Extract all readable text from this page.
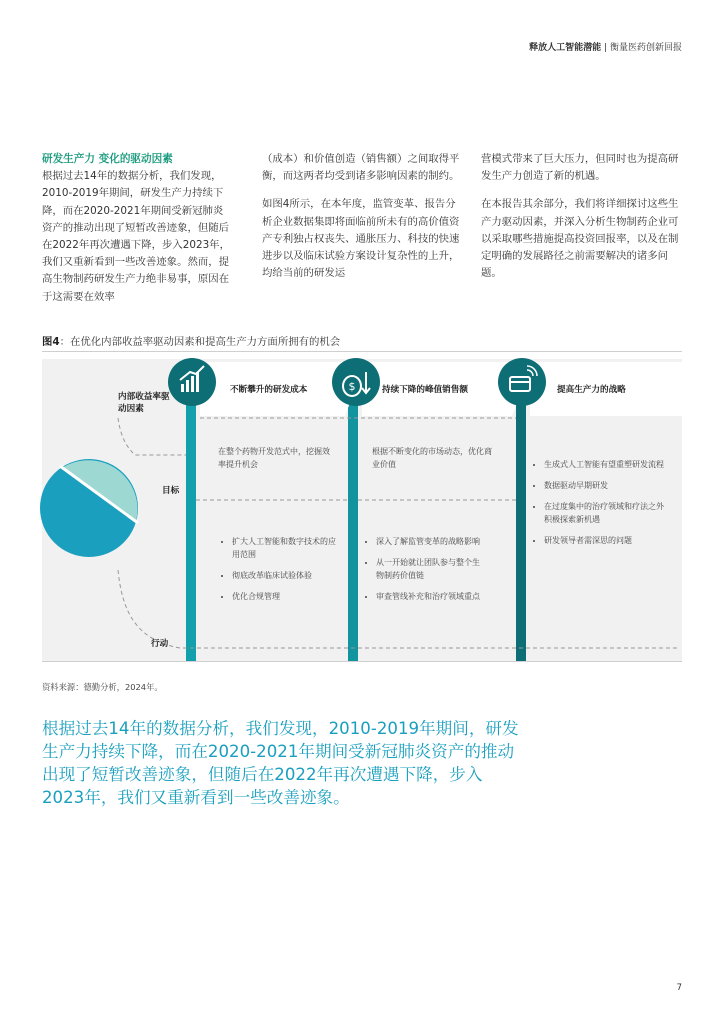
释放人工智能潜能 | 衡量医药创新回报
研发生产力 变化的驱动因素

根据过去14年的数据分析，我们发现，2010-2019年期间，研发生产力持续下降，而在2020-2021年期间受新冠肺炎资产的推动出现了短暂改善迹象，但随后在2022年再次遭遇下降，步入2023年，我们又重新看到一些改善迹象。然而，提高生物制药研发生产力绝非易事，原因在于这需要在效率

（成本）和价值创造（销售额）之间取得平衡，而这两者均受到诸多影响因素的制约。

如图4所示，在本年度，监管变革、报告分析企业数据集即将面临前所未有的高价值资产专利独占权丧失、通胀压力、科技的快速进步以及临床试验方案设计复杂性的上升，均给当前的研发运

营模式带来了巨大压力，但同时也为提高研发生产力创造了新的机遇。

在本报告其余部分，我们将详细探讨这些生产力驱动因素，并深入分析生物制药企业可以采取哪些措施提高投资回报率，以及在制定明确的发展路径之前需要解决的诸多问题。

图4：在优化内部收益率驱动因素和提高生产力方面所拥有的机会
$
内部收益率驱动因素
目标
行动
不断攀升的研发成本	持续下降的峰值销售额	提高生产力的战略
在整个药物开发范式中，挖掘效率提升机会
根据不断变化的市场动态，优化商业价值
• 扩大人工智能和数字技术的应用范围
• 彻底改革临床试验体验
• 优化合规管理
• 深入了解监管变革的战略影响
• 从一开始就让团队参与整个生物制药价值链
• 审查管线补充和治疗领域重点
• 生成式人工智能有望重塑研发流程
• 数据驱动早期研发
• 在过度集中的治疗领域和疗法之外积极探索新机遇
• 研发领导者需深思的问题
资料来源：德勤分析，2024年。
根据过去14年的数据分析，我们发现，2010-2019年期间，研发生产力持续下降，而在2020-2021年期间受新冠肺炎资产的推动出现了短暂改善迹象，但随后在2022年再次遭遇下降，步入2023年，我们又重新看到一些改善迹象。
7
